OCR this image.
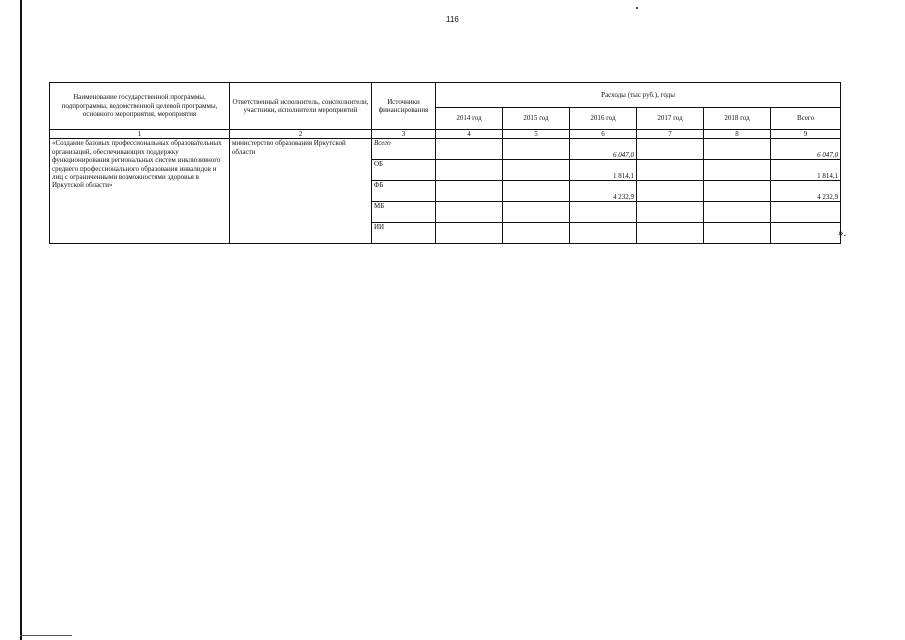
116
Наименование государственной программы, подпрограммы, ведомственной целевой программы, основного мероприятия, мероприятия	Ответственный исполнитель, соисполнители, участники, исполнители мероприятий	Источники финансирования	Расходы (тыс руб.), годы					
			2014 год	2015 год	2016 год	2017 год	2018 год	Всего
1	2	3	4	5	6	7	8	9
«Создание базовых профессиональных образовательных организаций, обеспечивающих поддержку функционирования региональных систем инклюзивного среднего профессионального образования инвалидов и лиц с ограниченными возможностями здоровья в Иркутской области»	министерство образования Иркутской области	Всего			6 047,0			6 047,0
		ОБ			1 814,1			1 814,1
		ФБ			4 232,9			4 232,9
		МБ						
		ИИ							».
